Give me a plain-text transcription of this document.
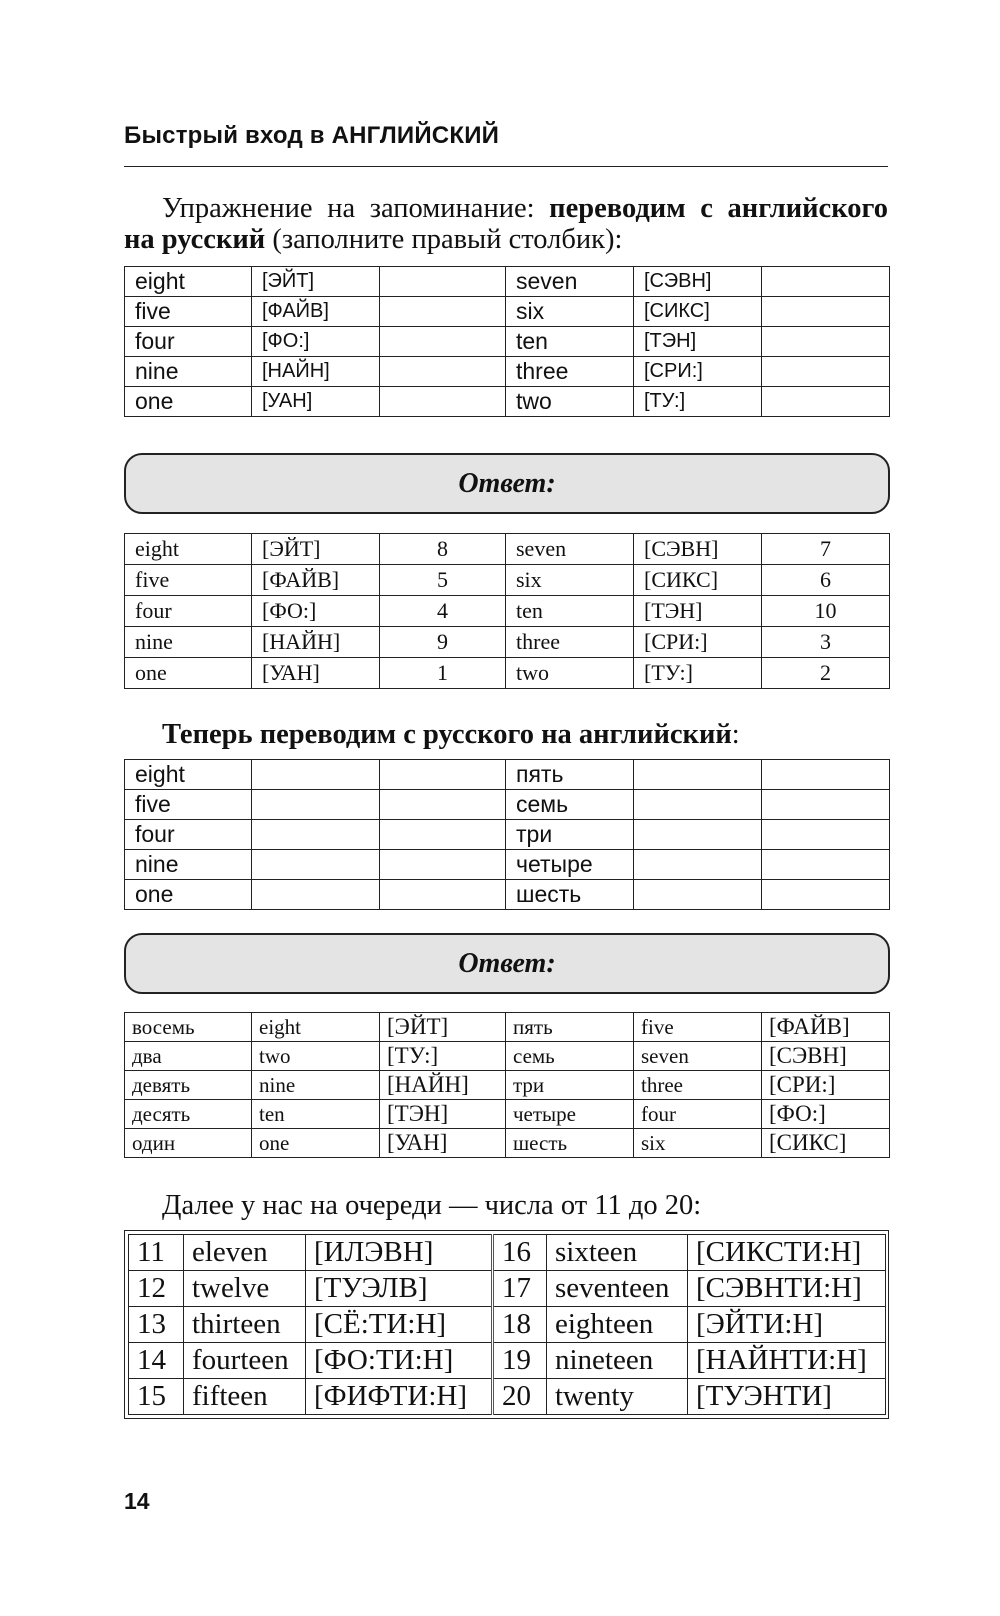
Быстрый вход в АНГЛИЙСКИЙ
Упражнение на запоминание: переводим с английского на русский (заполните правый столбик):
eight	[ЭЙТ]		seven	[СЭВН]	
five	[ФАЙВ]		six	[СИКС]	
four	[ФО:]		ten	[ТЭН]	
nine	[НАЙН]		three	[СРИ:]	
one	[УАН]		two	[ТУ:]	
Ответ:
eight	[ЭЙТ]	8	seven	[СЭВН]	7
five	[ФАЙВ]	5	six	[СИКС]	6
four	[ФО:]	4	ten	[ТЭН]	10
nine	[НАЙН]	9	three	[СРИ:]	3
one	[УАН]	1	two	[ТУ:]	2
Теперь переводим с русского на английский:
eight			пять		
five			семь		
four			три		
nine			четыре		
one			шесть		
Ответ:
восемь	eight	[ЭЙТ]	пять	five	[ФАЙВ]
два	two	[ТУ:]	семь	seven	[СЭВН]
девять	nine	[НАЙН]	три	three	[СРИ:]
десять	ten	[ТЭН]	четыре	four	[ФО:]
один	one	[УАН]	шесть	six	[СИКС]
Далее у нас на очереди — числа от 11 до 20:
11	eleven	[ИЛЭВН]	16	sixteen	[СИКСТИ:Н]
12	twelve	[ТУЭЛВ]	17	seventeen	[СЭВНТИ:Н]
13	thirteen	[СЁ:ТИ:Н]	18	eighteen	[ЭЙТИ:Н]
14	fourteen	[ФО:ТИ:Н]	19	nineteen	[НАЙНТИ:Н]
15	fifteen	[ФИФТИ:Н]	20	twenty	[ТУЭНТИ]
14
